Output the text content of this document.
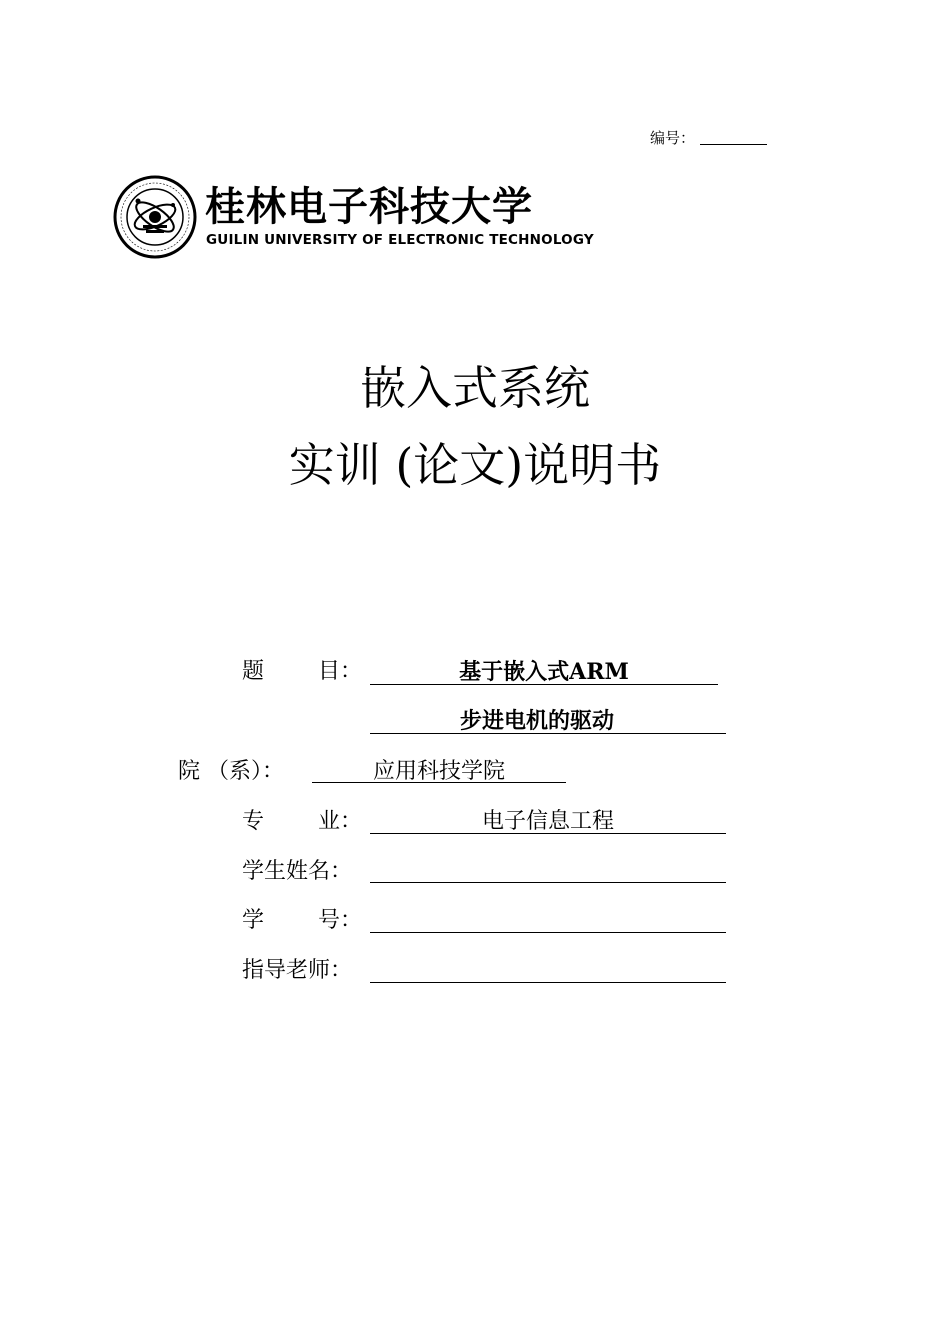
编号：
桂林电子科技大学
GUILIN UNIVERSITY OF ELECTRONIC TECHNOLOGY
嵌入式系统
实训 (论文)说明书
题 目：	基于嵌入式ARM
步进电机的驱动
院 （系）：	应用科技学院
专 业：	电子信息工程
学生姓名：
学 号：
指导老师：
